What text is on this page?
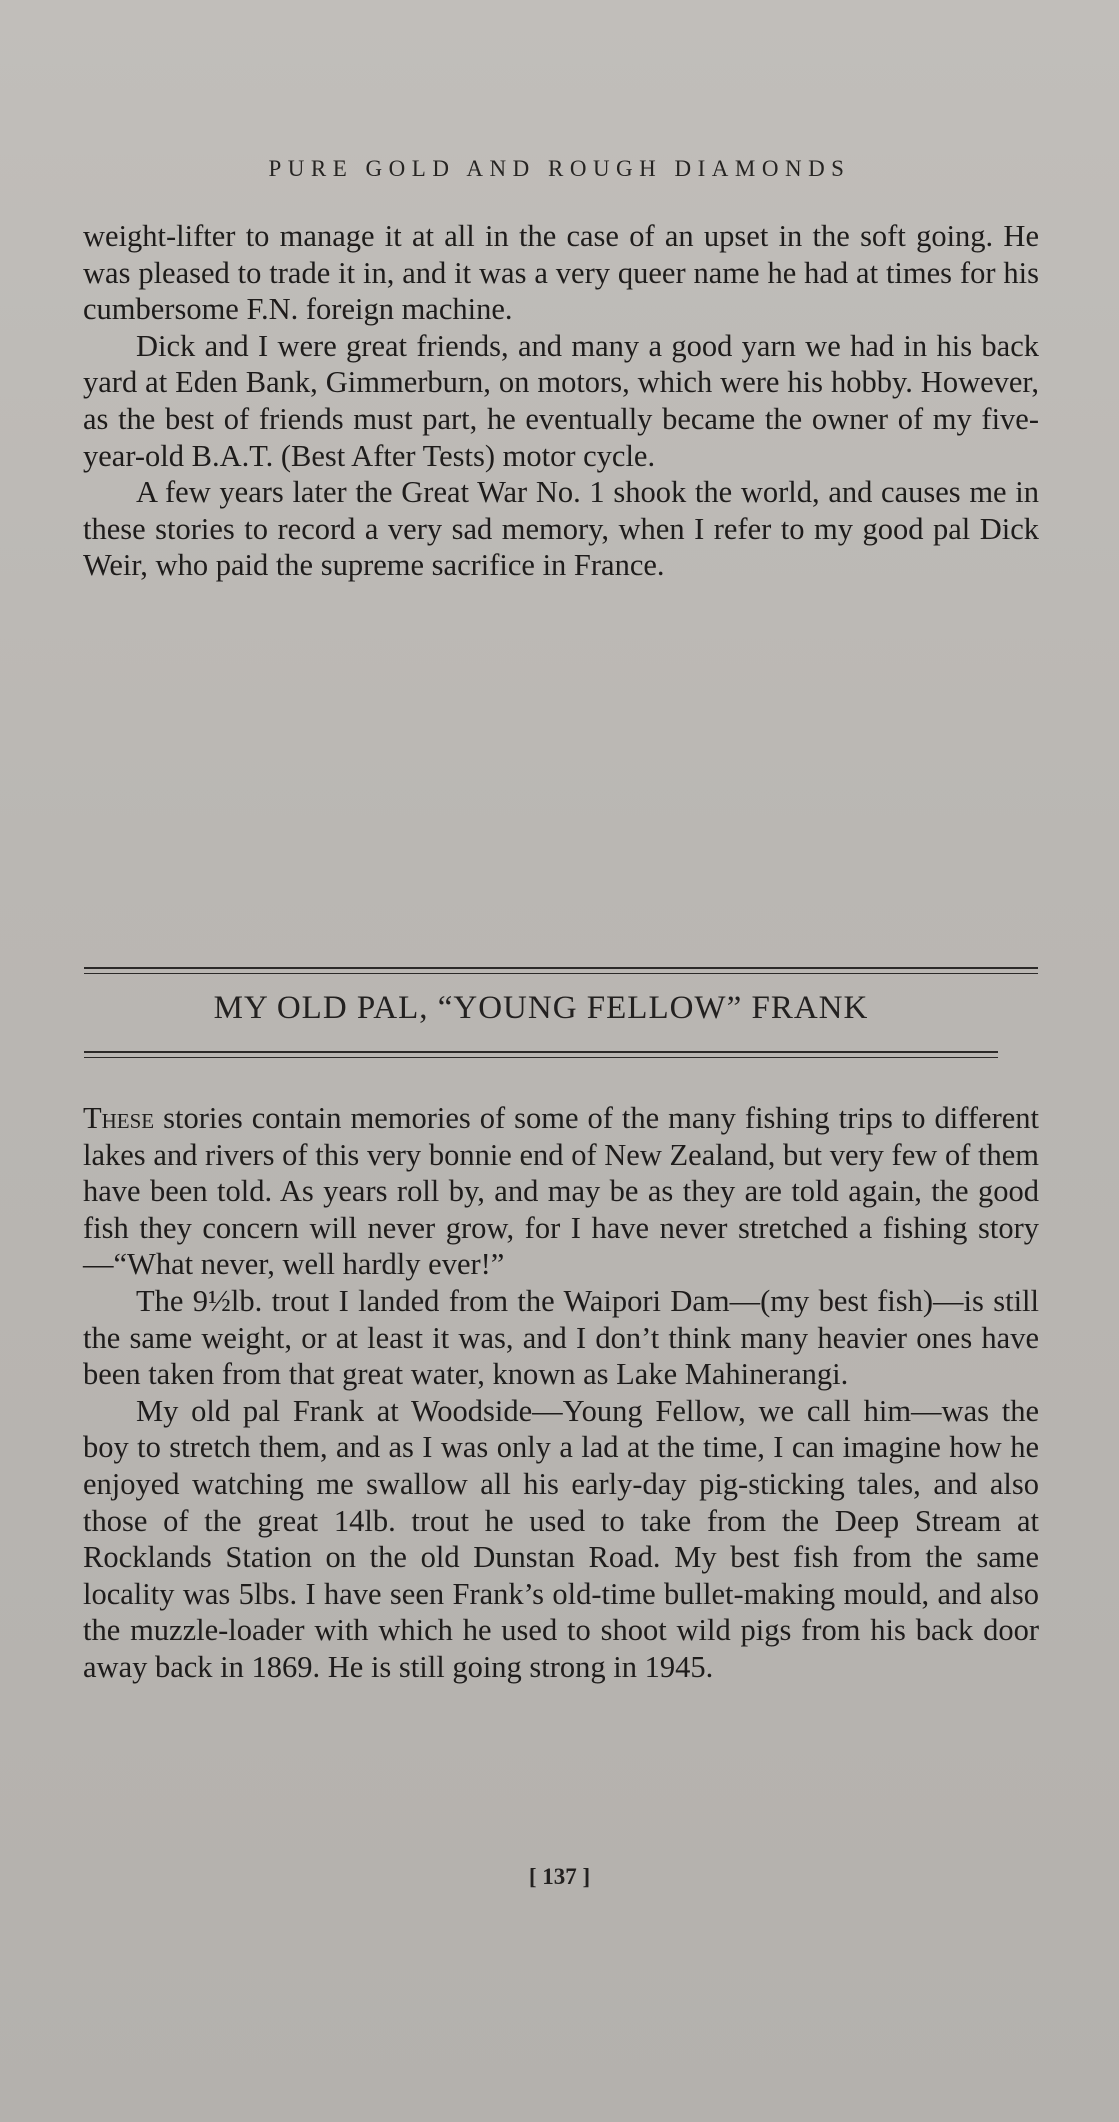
PURE GOLD AND ROUGH DIAMONDS

weight-lifter to manage it at all in the case of an upset in the soft going. He was pleased to trade it in, and it was a very queer name he had at times for his cumbersome F.N. foreign machine.

Dick and I were great friends, and many a good yarn we had in his back yard at Eden Bank, Gimmerburn, on motors, which were his hobby. However, as the best of friends must part, he eventually became the owner of my five-year-old B.A.T. (Best After Tests) motor cycle.

A few years later the Great War No. 1 shook the world, and causes me in these stories to record a very sad memory, when I refer to my good pal Dick Weir, who paid the supreme sacrifice in France.

MY OLD PAL, “YOUNG FELLOW” FRANK

These stories contain memories of some of the many fishing trips to different lakes and rivers of this very bonnie end of New Zealand, but very few of them have been told. As years roll by, and may be as they are told again, the good fish they concern will never grow, for I have never stretched a fishing story—“What never, well hardly ever!”

The 9½lb. trout I landed from the Waipori Dam—(my best fish)—is still the same weight, or at least it was, and I don’t think many heavier ones have been taken from that great water, known as Lake Mahinerangi.

My old pal Frank at Woodside—Young Fellow, we call him—was the boy to stretch them, and as I was only a lad at the time, I can imagine how he enjoyed watching me swallow all his early-day pig-sticking tales, and also those of the great 14lb. trout he used to take from the Deep Stream at Rocklands Station on the old Dunstan Road. My best fish from the same locality was 5lbs. I have seen Frank’s old-time bullet-making mould, and also the muzzle-loader with which he used to shoot wild pigs from his back door away back in 1869. He is still going strong in 1945.

[ 137 ]
